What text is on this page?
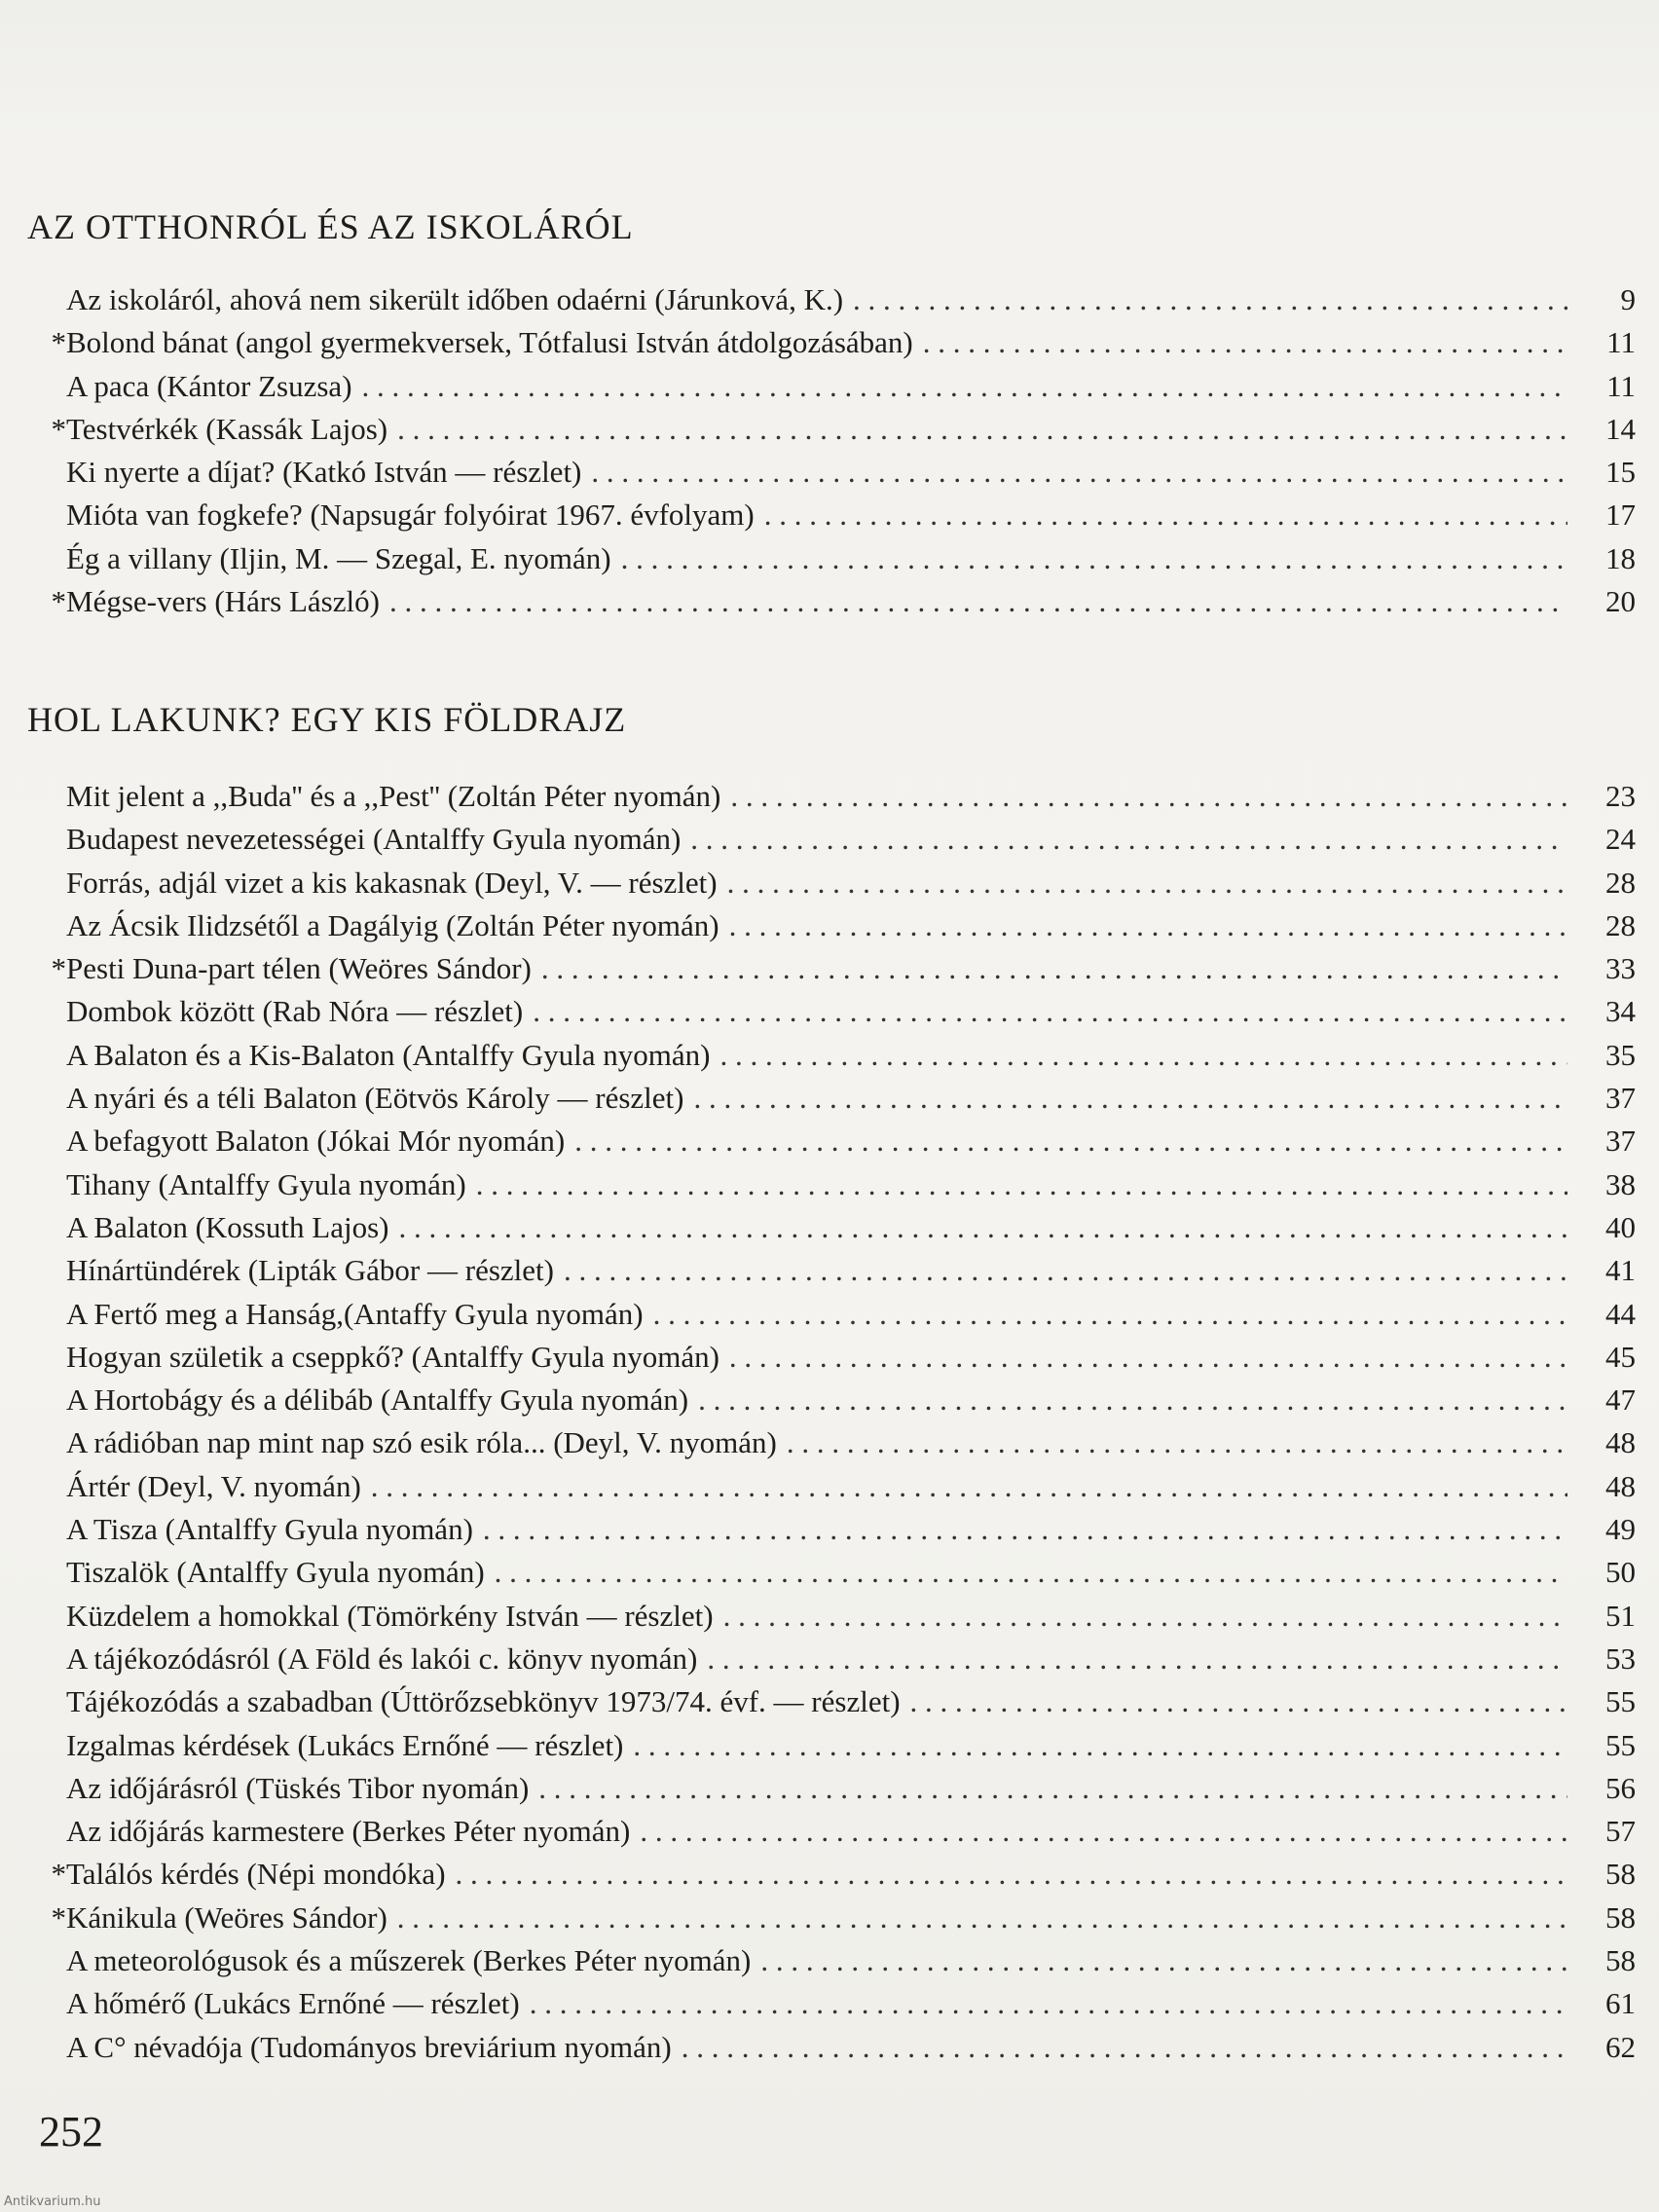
AZ OTTHONRÓL ÉS AZ ISKOLÁRÓL
Az iskoláról, ahová nem sikerült időben odaérni (Járunková, K.) . . .	9
* Bolond bánat (angol gyermekversek, Tótfalusi István átdolgozásában) . . .	11
A paca (Kántor Zsuzsa) . . .	11
* Testvérkék (Kassák Lajos) . . .	14
Ki nyerte a díjat? (Katkó István — részlet) . . .	15
Mióta van fogkefe? (Napsugár folyóirat 1967. évfolyam) . . .	17
Ég a villany (Iljin, M. — Szegal, E. nyomán) . . .	18
* Mégse-vers (Hárs László) . . .	20
HOL LAKUNK? EGY KIS FÖLDRAJZ
Mit jelent a ,,Buda'' és a ,,Pest'' (Zoltán Péter nyomán) . . .	23
Budapest nevezetességei (Antalffy Gyula nyomán) . . .	24
Forrás, adjál vizet a kis kakasnak (Deyl, V. — részlet) . . .	28
Az Ácsik Ilidzsétől a Dagályig (Zoltán Péter nyomán) . . .	28
* Pesti Duna-part télen (Weöres Sándor) . . .	33
Dombok között (Rab Nóra — részlet) . . .	34
A Balaton és a Kis-Balaton (Antalffy Gyula nyomán) . . .	35
A nyári és a téli Balaton (Eötvös Károly — részlet) . . .	37
A befagyott Balaton (Jókai Mór nyomán) . . .	37
Tihany (Antalffy Gyula nyomán) . . .	38
A Balaton (Kossuth Lajos) . . .	40
Hínártündérek (Lipták Gábor — részlet) . . .	41
A Fertő meg a Hanság,(Antaffy Gyula nyomán) . . .	44
Hogyan születik a cseppkő? (Antalffy Gyula nyomán) . . .	45
A Hortobágy és a délibáb (Antalffy Gyula nyomán) . . .	47
A rádióban nap mint nap szó esik róla... (Deyl, V. nyomán) . . .	48
Ártér (Deyl, V. nyomán) . . .	48
A Tisza (Antalffy Gyula nyomán) . . .	49
Tiszalök (Antalffy Gyula nyomán) . . .	50
Küzdelem a homokkal (Tömörkény István — részlet) . . .	51
A tájékozódásról (A Föld és lakói c. könyv nyomán) . . .	53
Tájékozódás a szabadban (Úttörőzsebkönyv 1973/74. évf. — részlet) . . .	55
Izgalmas kérdések (Lukács Ernőné — részlet) . . .	55
Az időjárásról (Tüskés Tibor nyomán) . . .	56
Az időjárás karmestere (Berkes Péter nyomán) . . .	57
* Találós kérdés (Népi mondóka) . . .	58
* Kánikula (Weöres Sándor) . . .	58
A meteorológusok és a műszerek (Berkes Péter nyomán) . . .	58
A hőmérő (Lukács Ernőné — részlet) . . .	61
A C° névadója (Tudományos breviárium nyomán) . . .	62
252
Antikvarium.hu
